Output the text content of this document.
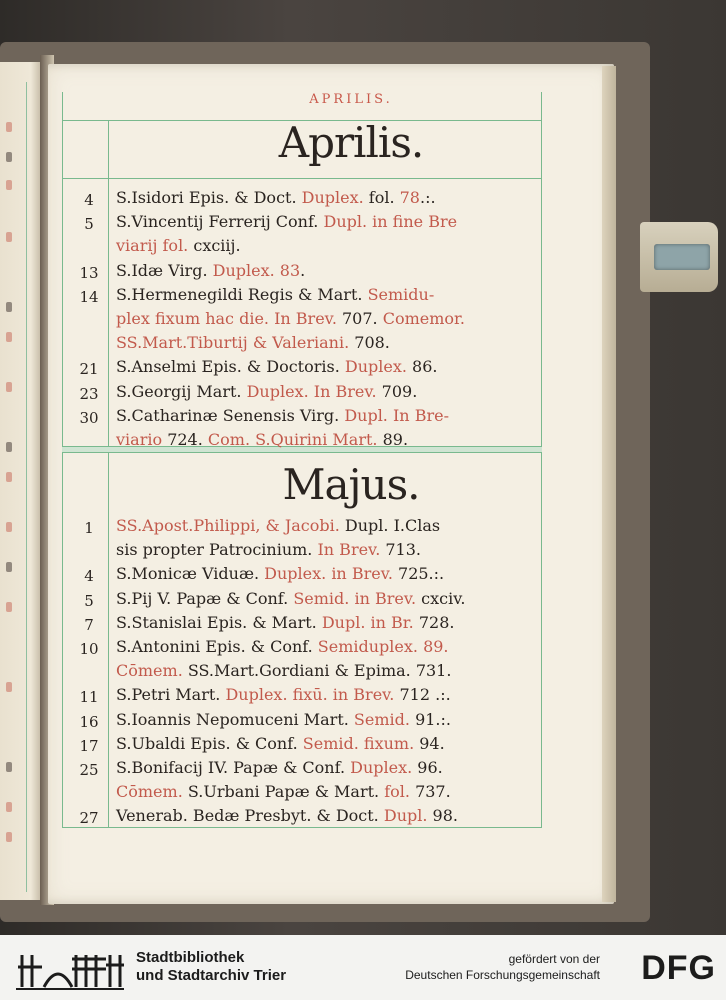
APRILIS.
Aprilis.
Majus.
4	S.Isidori Epis. & Doct. Duplex. fol. 78.:.
5	S.Vincentij Ferrerij Conf. Dupl. in fine Bre
viarij fol. cxciij.
13	S.Idæ Virg. Duplex. 83.
14	S.Hermenegildi Regis & Mart. Semidu-
plex fixum hac die. In Brev. 707. Comemor.
SS.Mart.Tiburtij & Valeriani. 708.
21	S.Anselmi Epis. & Doctoris. Duplex. 86.
23	S.Georgij Mart. Duplex. In Brev. 709.
30	S.Catharinæ Senensis Virg. Dupl. In Bre-
viario 724. Com. S.Quirini Mart. 89.
1	SS.Apost.Philippi, & Jacobi. Dupl. I.Clas
sis propter Patrocinium. In Brev. 713.
4	S.Monicæ Viduæ. Duplex. in Brev. 725.:.
5	S.Pij V. Papæ & Conf. Semid. in Brev. cxciv.
7	S.Stanislai Epis. & Mart. Dupl. in Br. 728.
10	S.Antonini Epis. & Conf. Semiduplex. 89.
Cōmem. SS.Mart.Gordiani & Epima. 731.
11	S.Petri Mart. Duplex. fixū. in Brev. 712 .:.
16	S.Ioannis Nepomuceni Mart. Semid. 91.:.
17	S.Ubaldi Epis. & Conf. Semid. fixum. 94.
25	S.Bonifacij IV. Papæ & Conf. Duplex. 96.
Cōmem. S.Urbani Papæ & Mart. fol. 737.
27	Venerab. Bedæ Presbyt. & Doct. Dupl. 98.
Stadtbibliothek
und Stadtarchiv Trier
gefördert von der
Deutschen Forschungsgemeinschaft DFG
